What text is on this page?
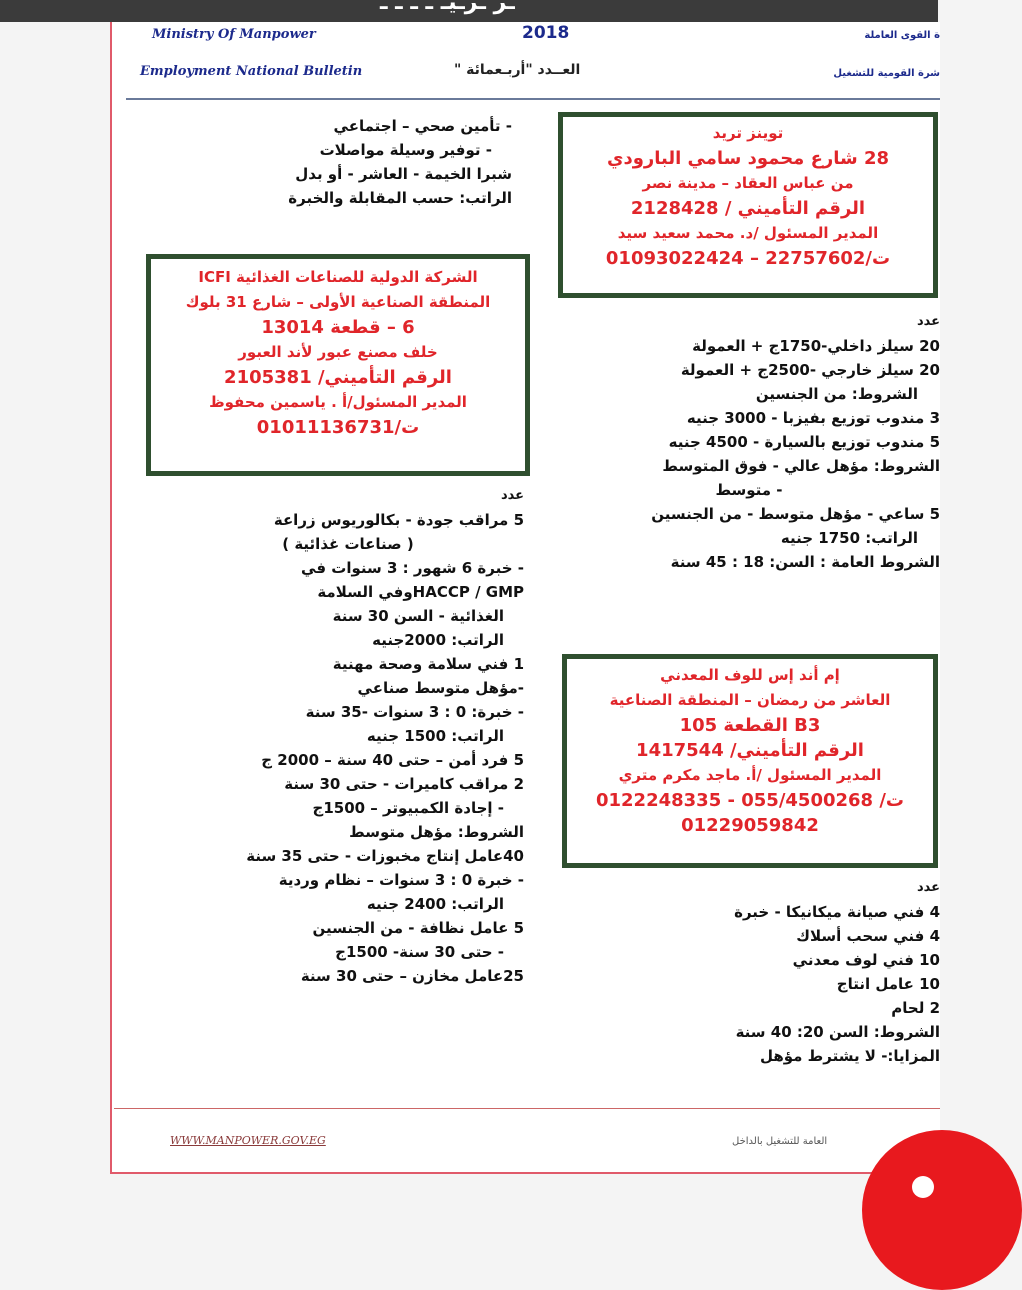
ـر ـرـيـ ـ ـ ـ ـ
Ministry Of Manpower
Employment National Bulletin
2018
العــدد "أربـعمائة "
ة القوى العاملة
شرة القومية للتشغيل
- تأمين صحي – اجتماعي
- توفير وسيلة مواصلات
شبرا الخيمة - العاشر - أو بدل
الراتب: حسب المقابلة والخبرة
توينز تريد
28 شارع محمود سامي البارودي
من عباس العقاد – مدينة نصر
الرقم التأميني / 2128428
المدير المسئول /د. محمد سعيد سيد
ت/22757602 – 01093022424
الشركة الدولية للصناعات الغذائية ICFI
المنطقة الصناعية الأولى – شارع 31 بلوك
6 – قطعة 13014
خلف مصنع عبور لأند العبور
الرقم التأميني/ 2105381
المدير المسئول/أ . ياسمين محفوظ
ت/01011136731
عدد
20 سيلز داخلي-1750ج + العمولة
20 سيلز خارجي -2500ج + العمولة
الشروط: من الجنسين
3 مندوب توزيع بفيزبا - 3000 جنيه
5 مندوب توزيع بالسيارة - 4500 جنيه
الشروط: مؤهل عالي - فوق المتوسط
- متوسط
5 ساعي - مؤهل متوسط - من الجنسين
الراتب: 1750 جنيه
الشروط العامة : السن: 18 : 45 سنة
عدد
5 مراقب جودة - بكالوريوس زراعة
( صناعات غذائية )
- خبرة 6 شهور : 3 سنوات في
HACCP / GMPوفي السلامة
الغذائية - السن 30 سنة
الراتب: 2000جنيه
1 فني سلامة وصحة مهنية
-مؤهل متوسط صناعي
- خبرة: 0 : 3 سنوات -35 سنة
الراتب: 1500 جنيه
5 فرد أمن – حتى 40 سنة – 2000 ج
2 مراقب كاميرات - حتى 30 سنة
- إجادة الكمبيوتر – 1500ج
الشروط: مؤهل متوسط
40عامل إنتاج مخبوزات - حتى 35 سنة
- خبرة 0 : 3 سنوات – نظام وردية
الراتب: 2400 جنيه
5 عامل نظافة - من الجنسين
- حتى 30 سنة- 1500ج
25عامل مخازن – حتى 30 سنة
إم أند إس للوف المعدني
العاشر من رمضان – المنطقة الصناعية
B3 القطعة 105
الرقم التأميني/ 1417544
المدير المسئول /أ. ماجد مكرم متري
ت/ 055/4500268 - 0122248335
01229059842
عدد
4 فني صيانة ميكانيكا - خبرة
4 فني سحب أسلاك
10 فني لوف معدني
10 عامل انتاج
2 لحام
الشروط: السن 20: 40 سنة
المزايا:- لا يشترط مؤهل
WWW.MANPOWER.GOV.EG	العامة للتشغيل بالداخل
